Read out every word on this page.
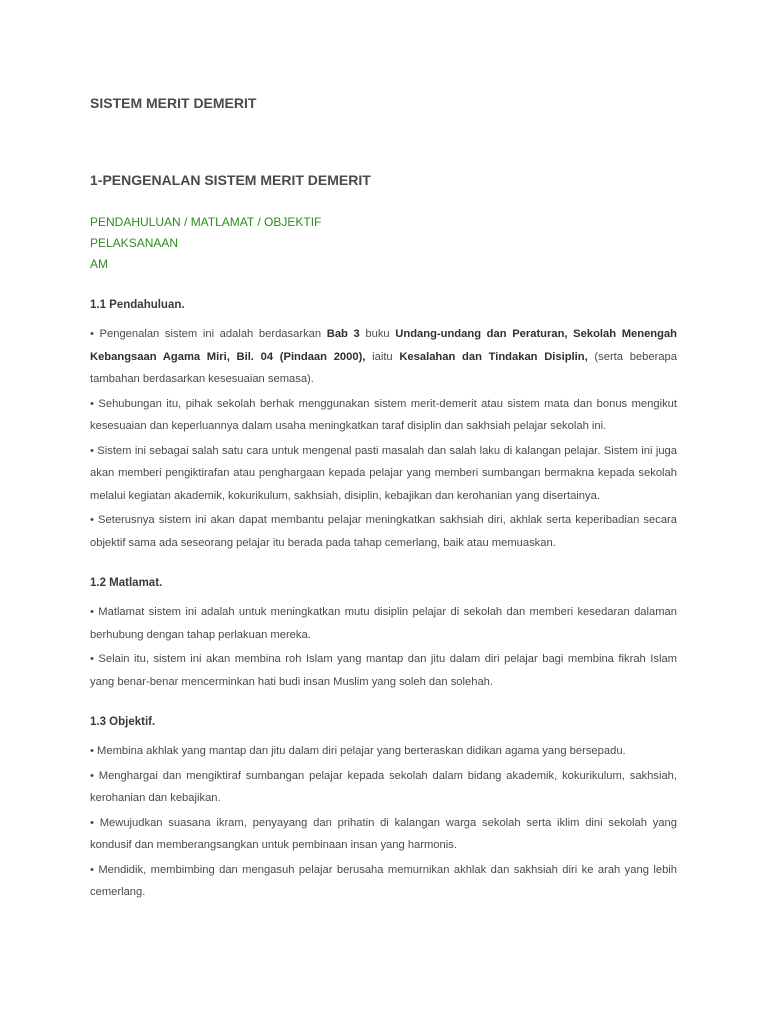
SISTEM MERIT DEMERIT
1-PENGENALAN SISTEM MERIT DEMERIT
PENDAHULUAN / MATLAMAT / OBJEKTIF
PELAKSANAAN
AM

1.1 Pendahuluan.

• Pengenalan sistem ini adalah berdasarkan Bab 3 buku Undang-undang dan Peraturan, Sekolah Menengah Kebangsaan Agama Miri, Bil. 04 (Pindaan 2000), iaitu Kesalahan dan Tindakan Disiplin, (serta beberapa tambahan berdasarkan kesesuaian semasa).

• Sehubungan itu, pihak sekolah berhak menggunakan sistem merit-demerit atau sistem mata dan bonus mengikut kesesuaian dan keperluannya dalam usaha meningkatkan taraf disiplin dan sakhsiah pelajar sekolah ini.

• Sistem ini sebagai salah satu cara untuk mengenal pasti masalah dan salah laku di kalangan pelajar. Sistem ini juga akan memberi pengiktirafan atau penghargaan kepada pelajar yang memberi sumbangan bermakna kepada sekolah melalui kegiatan akademik, kokurikulum, sakhsiah, disiplin, kebajikan dan kerohanian yang disertainya.

• Seterusnya sistem ini akan dapat membantu pelajar meningkatkan sakhsiah diri, akhlak serta keperibadian secara objektif sama ada seseorang pelajar itu berada pada tahap cemerlang, baik atau memuaskan.

1.2 Matlamat.

• Matlamat sistem ini adalah untuk meningkatkan mutu disiplin pelajar di sekolah dan memberi kesedaran dalaman berhubung dengan tahap perlakuan mereka.

• Selain itu, sistem ini akan membina roh Islam yang mantap dan jitu dalam diri pelajar bagi membina fikrah Islam yang benar-benar mencerminkan hati budi insan Muslim yang soleh dan solehah.

1.3 Objektif.

• Membina akhlak yang mantap dan jitu dalam diri pelajar yang berteraskan didikan agama yang bersepadu.

• Menghargai dan mengiktiraf sumbangan pelajar kepada sekolah dalam bidang akademik, kokurikulum, sakhsiah, kerohanian dan kebajikan.

• Mewujudkan suasana ikram, penyayang dan prihatin di kalangan warga sekolah serta iklim dini sekolah yang kondusif dan memberangsangkan untuk pembinaan insan yang harmonis.

• Mendidik, membimbing dan mengasuh pelajar berusaha memurnikan akhlak dan sakhsiah diri ke arah yang lebih cemerlang.
